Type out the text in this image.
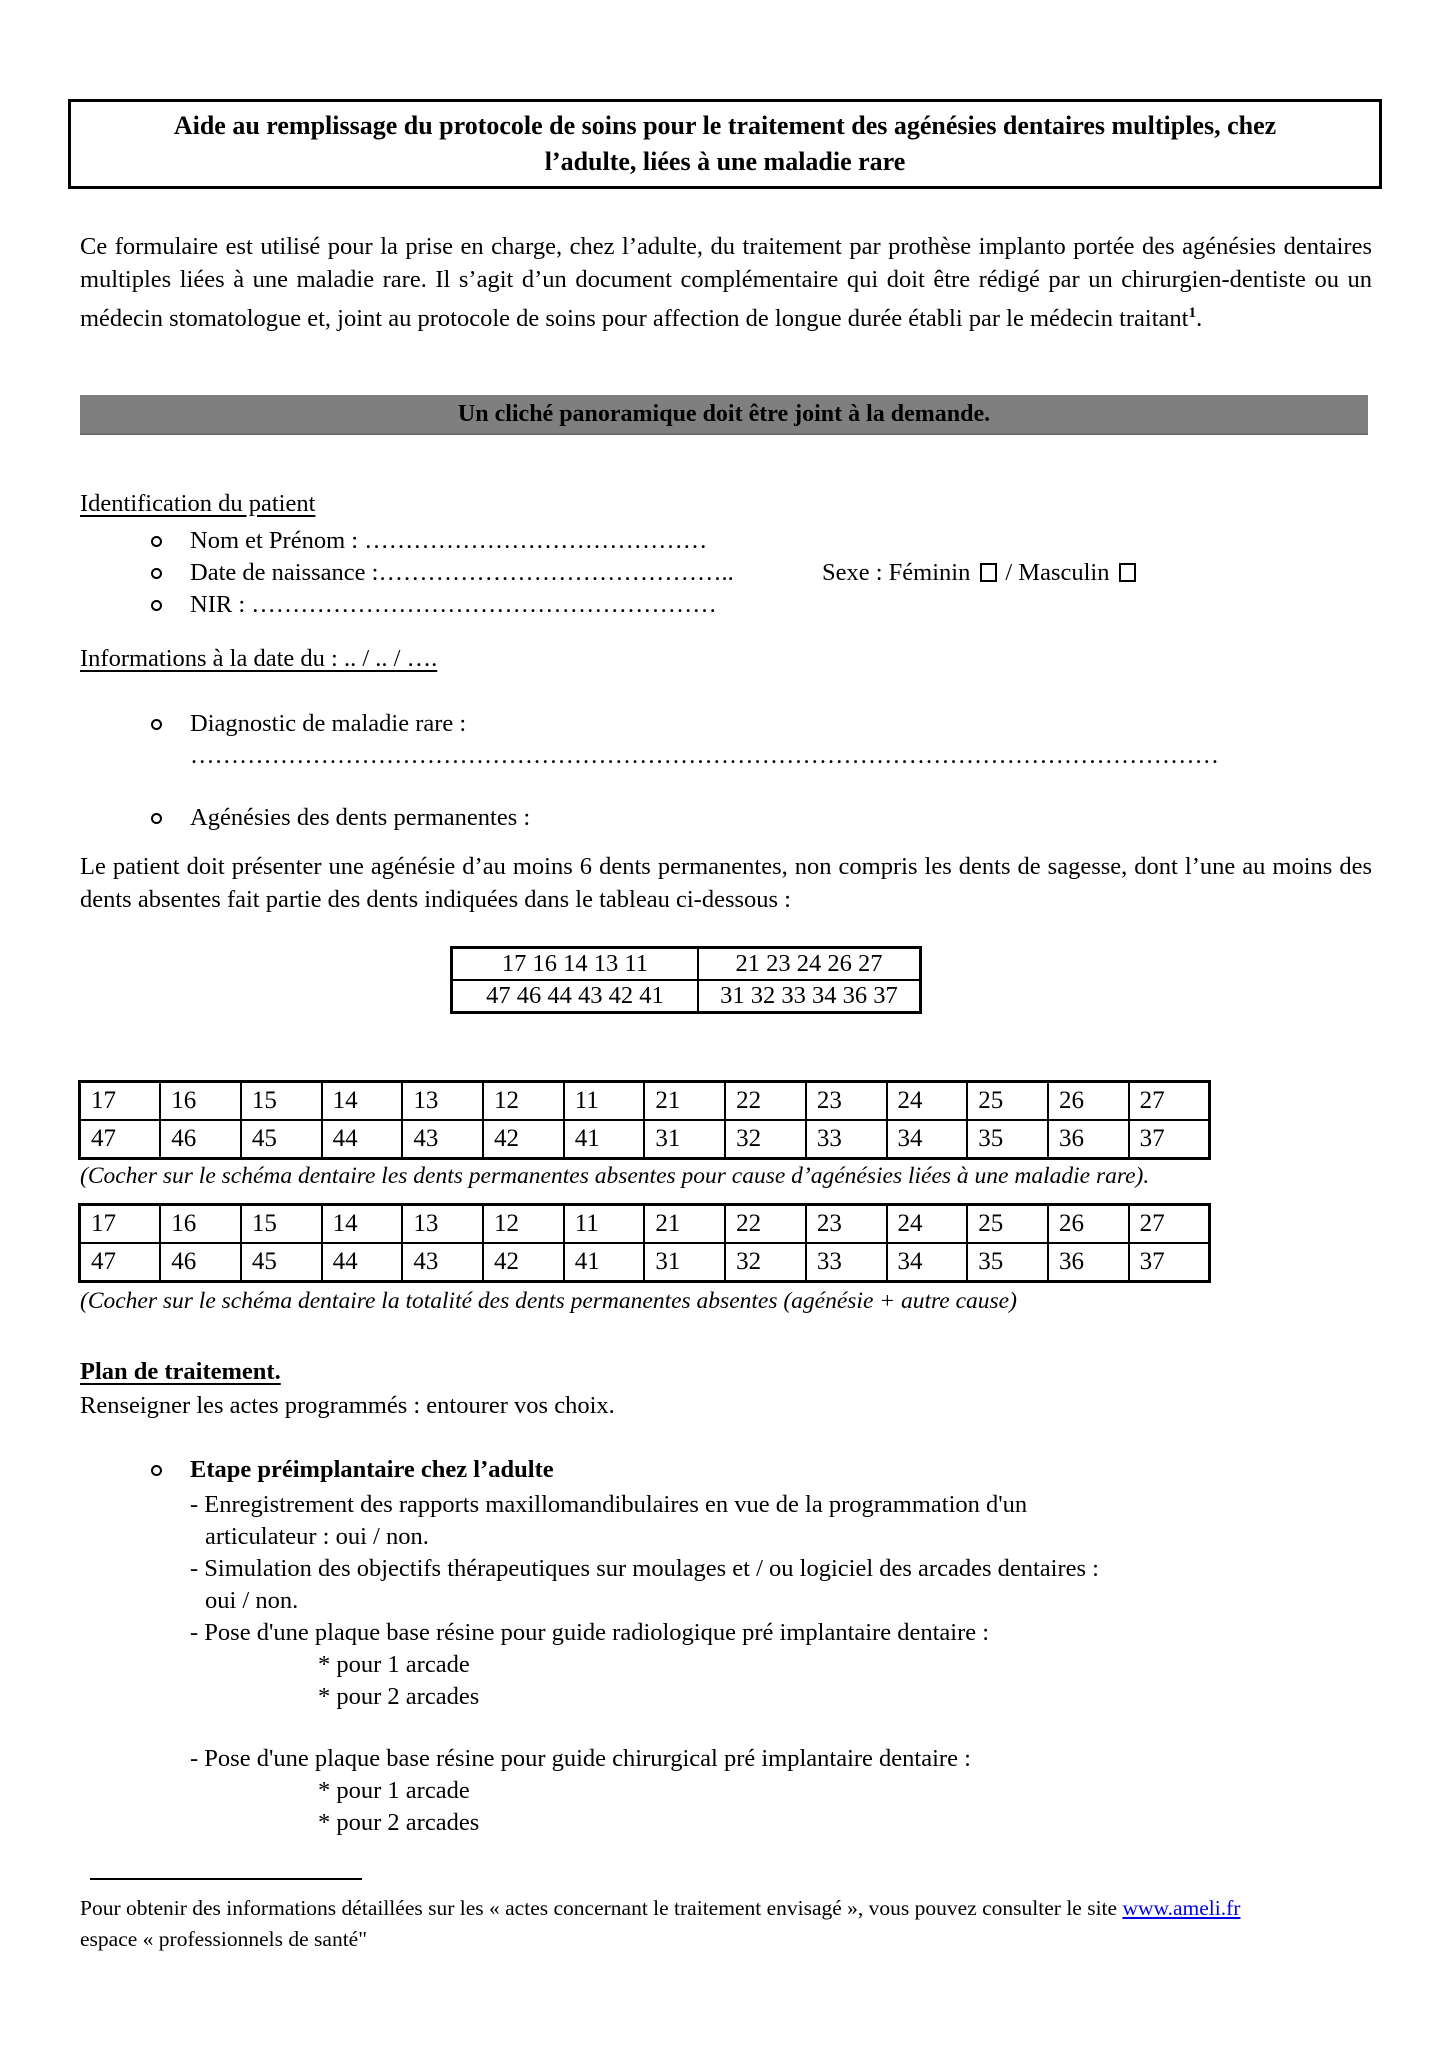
Aide au remplissage du protocole de soins pour le traitement des agénésies dentaires multiples, chez
l’adulte, liées à une maladie rare
Ce formulaire est utilisé pour la prise en charge, chez l’adulte, du traitement par prothèse implanto portée des agénésies dentaires multiples liées à une maladie rare. Il s’agit d’un document complémentaire qui doit être rédigé par un chirurgien-dentiste ou un médecin stomatologue et, joint au protocole de soins pour affection de longue durée établi par le médecin traitant$^1$.
Un cliché panoramique doit être joint à la demande.
Identification du patient
Nom et Prénom : ……………………………………
Date de naissance :……………………………………..	Sexe : Féminin / Masculin
NIR : …………………………………………………
Informations à la date du : .. / .. / ….
Diagnostic de maladie rare :
………………………………………………………………………………………………………………
Agénésies des dents permanentes :
Le patient doit présenter une agénésie d’au moins 6 dents permanentes, non compris les dents de sagesse, dont l’une au moins des dents absentes fait partie des dents indiquées dans le tableau ci-dessous :
17 16 14 13 11	21 23 24 26 27
47 46 44 43 42 41	31 32 33 34 36 37
17	16	15	14	13	12	11	21	22	23	24	25	26	27
47	46	45	44	43	42	41	31	32	33	34	35	36	37
(Cocher sur le schéma dentaire les dents permanentes absentes pour cause d’agénésies liées à une maladie rare).
17	16	15	14	13	12	11	21	22	23	24	25	26	27
47	46	45	44	43	42	41	31	32	33	34	35	36	37
(Cocher sur le schéma dentaire la totalité des dents permanentes absentes (agénésie + autre cause)
Plan de traitement.
Renseigner les actes programmés : entourer vos choix.
Etape préimplantaire chez l’adulte
- Enregistrement des rapports maxillomandibulaires en vue de la programmation d'un
articulateur : oui / non.
- Simulation des objectifs thérapeutiques sur moulages et / ou logiciel des arcades dentaires :
oui / non.
- Pose d'une plaque base résine pour guide radiologique pré implantaire dentaire :
* pour 1 arcade
* pour 2 arcades
- Pose d'une plaque base résine pour guide chirurgical pré implantaire dentaire :
* pour 1 arcade
* pour 2 arcades
Pour obtenir des informations détaillées sur les « actes concernant le traitement envisagé », vous pouvez consulter le site www.ameli.fr
espace « professionnels de santé"
